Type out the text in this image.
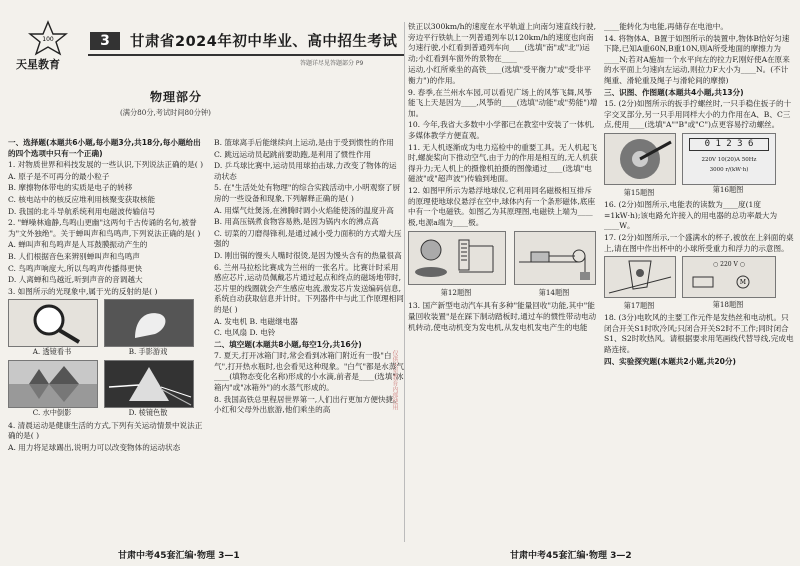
100
天星教育
3	甘肃省2024年初中毕业、高中招生考试
答题详尽见答题部分 P9
物理部分
(满分80分,考试时间80分钟)
仅供天星教育内部使用

一、选择题(本题共6小题,每小题3分,共18分,每小题给出的四个选项中只有一个正确)

1. 对物质世界和科技发展的一些认识,下列说法正确的是( )

A. 原子是不可再分的最小粒子

B. 摩擦物体带电的实质是电子的转移

C. 核电站中的核反应堆利用核聚变获取核能

D. 我国的北斗导航系统利用电磁波传输信号

2. "蝉噪林逾静,鸟鸣山更幽"这两句千古传诵的名句,被誉为"文外独绝"。关于蝉叫声和鸟鸣声,下列说法正确的是( )

A. 蝉叫声和鸟鸣声是人耳鼓膜振动产生的

B. 人们根据音色来辨别蝉叫声和鸟鸣声

C. 鸟鸣声响度大,所以鸟鸣声传播得更快

D. 人离蝉和鸟越近,听到声音的音调越大

3. 如图所示的光现象中,属于光的反射的是( )

A. 透镜看书	B. 手影游戏
C. 水中倒影	D. 棱镜色散

4. 清晨运动是健康生活的方式,下列有关运动情景中说法正确的是( )

A. 用力将足球踢出,说明力可以改变物体的运动状态

B. 篮球离手后能继续向上运动,是由于受到惯性的作用

C. 跳远运动员起跳前要助跑,是利用了惯性作用

D. 乒乓球比赛中,运动员用球拍击球,力改变了物体的运动状态

5. 在"生活处处有物理"的综合实践活动中,小明观察了厨房的一些设备和现象,下列解释正确的是( )

A. 用煤气灶煲汤,在沸腾时调小火焰能使汤的温度升高

B. 用高压锅煮食物容易熟,是因为锅内水的沸点高

C. 切菜的刀磨得锋利,是通过减小受力面积的方式增大压强的

D. 刚出锅的馒头人嘴时很烫,是因为馒头含有的热量很高

6. 兰州马拉松比赛成为兰州的一张名片。比赛计时采用感应芯片,运动员佩戴芯片通过起点和终点的磁场地带时,芯片里的线圈就会产生感应电流,激发芯片发送编码信息,系统自动获取信息并计时。下列器件中与此工作原理相同的是( )

A. 发电机 B. 电磁继电器

C. 电风扇 D. 电铃

二、填空题(本题共8小题,每空1分,共16分)

7. 夏天,打开冰箱门时,常会看到冰箱门附近有一股"白气",打开热水瓶时,也会看见这种现象。"白气"都是水蒸气____(填物态变化名称)形成的小水滴,前者是____(选填"冰箱内"或"冰箱外")的水蒸气形成的。

8. 我国高铁总里程居世界第一,人们出行更加方便快捷。小红和父母外出旅游,他们乘坐的高

铁正以300km/h的速度在水平轨道上向南匀速直线行驶,旁边平行铁轨上一列普通列车以120km/h的速度也向南匀速行驶,小红看到普通列车向____(选填"南"或"北")运动;小红看到车窗外的景物在____

运动,小红所乘坐的高铁____(选填"受平衡力"或"受非平衡力")的作用。

9. 春季,在兰州水车园,可以看见广场上的风筝飞舞,风筝能飞上天是因为____,风筝的____(选填"动能"或"势能")增加。

10. 今年,我省大多数中小学都已在教室中安装了一体机,多媒体教学方便直观。

11. 无人机逐渐成为电力巡检中的重要工具。无人机起飞时,螺旋桨向下推动空气,由于力的作用是相互的,无人机获得升力;无人机上的摄像机拍摄的图像通过____(选填"电磁波"或"超声波")传输到地面。

12. 如图甲所示为悬浮地球仪,它利用同名磁极相互排斥的原理使地球仪悬浮在空中,球体内有一个条形磁体,底座中有一个电磁铁。如图乙为其原理图,电磁铁上端为____极,电源a端为____极。

第12题图	第14题图

13. 国产新型电动汽车具有多种"能量回收"功能,其中"能量回收装置"是在踩下制动踏板时,通过车的惯性带动电动机转动,使电动机变为发电机,从发电机发电产生的电能

____能转化为电能,再储存在电池中。

14. 将物体A、B置于如图所示的装置中,物体B恰好匀速下降,已知A重60N,B重10N,则A所受地面的摩擦力为____N;若对A施加一个水平向左的拉力F,刚好使A在原来的水平面上匀速向左运动,则拉力F大小为____N。(不计绳重、滑轮重及绳子与滑轮间的摩擦)

三、识图、作图题(本题共4小题,共13分)

15. (2分)如图所示的扳手拧螺丝时,一只手稳住扳子的十字交叉部分,另一只手用同样大小的力作用在A、B、C三点,使用____(选填"A""B"或"C")点更容易拧动螺丝。

第15题图
0 1 2 3 6
220V 10(20)A 50Hz
3000 r/(kW·h)
第16题图

16. (2分)如图所示,电能表的读数为____度(1度=1kW·h);该电路允许接入的用电器的总功率最大为____W。

17. (2分)如图所示,一个盛满水的杯子,被放在上斜面的桌上,请在图中作出杯中的小球所受重力和浮力的示意图。

第17题图
○ 220 V ○
M
第18题图

18. (3分)电吹风的主要工作元件是发热丝和电动机。只闭合开关S1时吹冷风;只闭合开关S2时不工作;同时闭合S1、S2时吹热风。请根据要求用笔画线代替导线,完成电路连接。

四、实验探究题(本题共2小题,共20分)

甘肃中考45套汇编·物理 3—1	甘肃中考45套汇编·物理 3—2
